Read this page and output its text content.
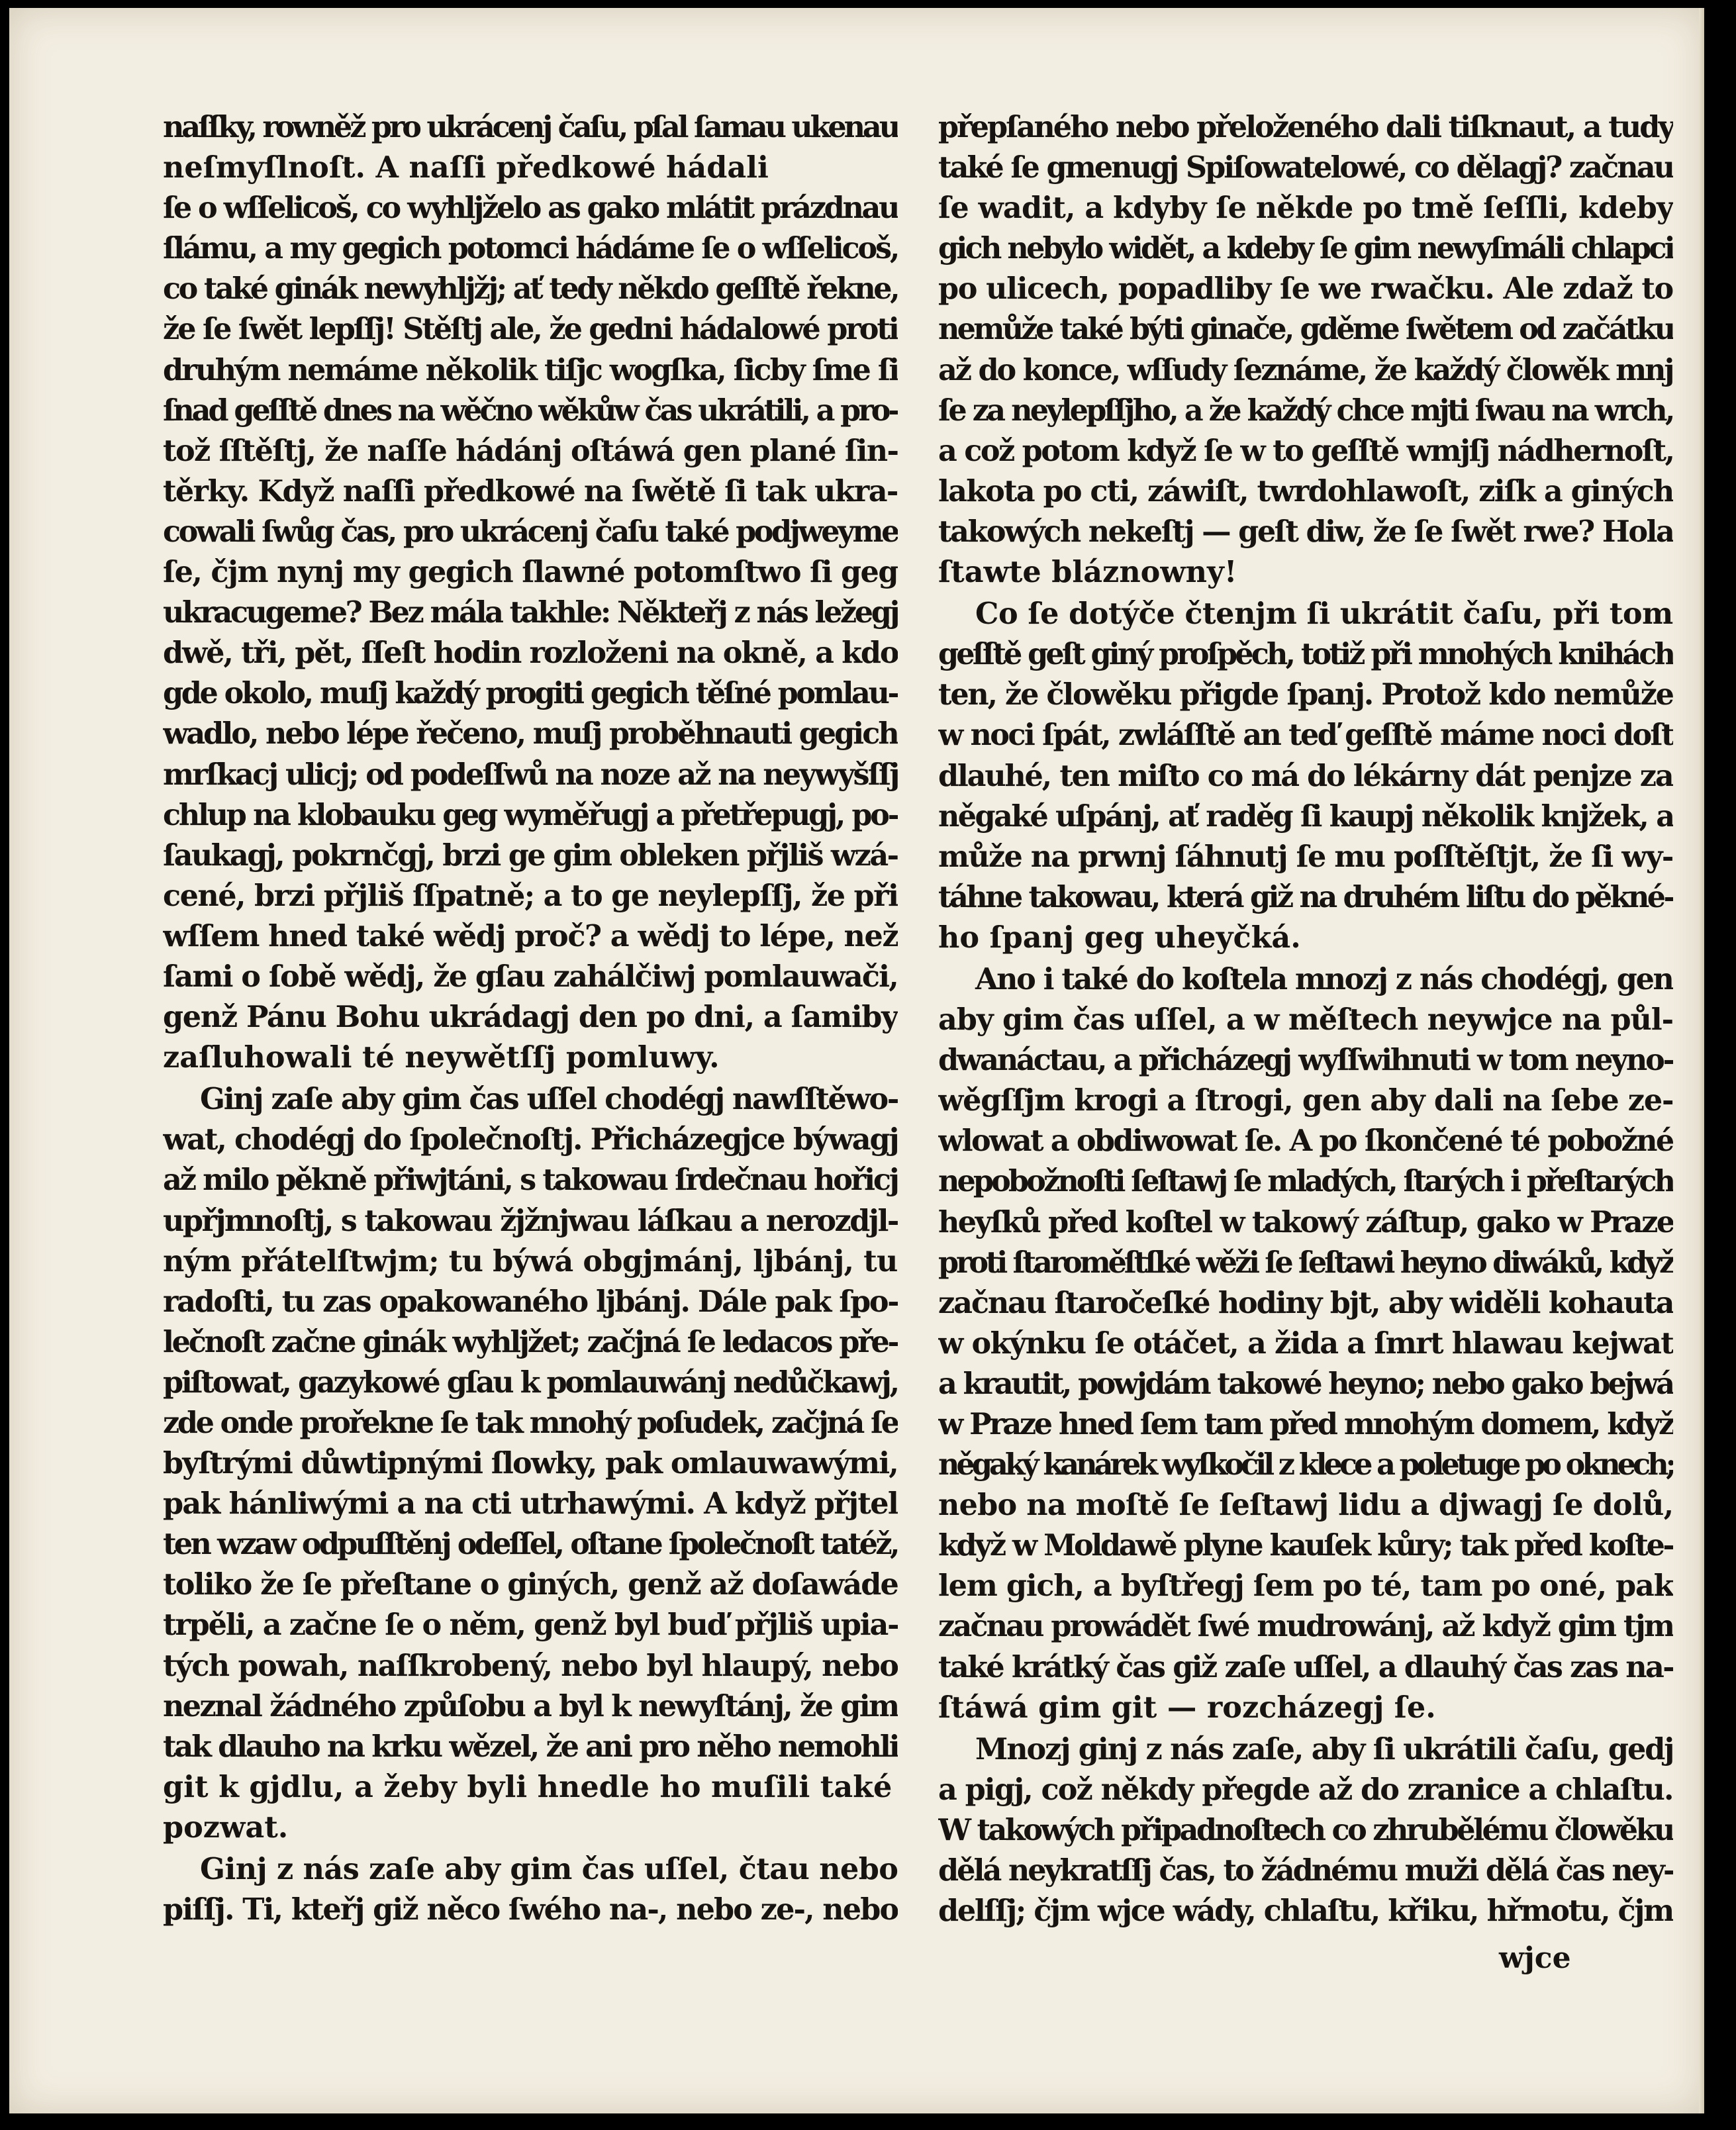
naſſky, rowněž pro ukrácenj čaſu, pſal ſamau ukenau
neſmyſlnoſt. A naſſi předkowé hádali
ſe o wſſelicoš, co wyhljželo as gako mlátit prázdnau
ſlámu, a my gegich potomci hádáme ſe o wſſelicoš,
co také ginák newyhljžj; ať tedy někdo geſſtě řekne,
že ſe ſwět lepſſj! Stěſtj ale, že gedni hádalowé proti
druhým nemáme několik tiſjc wogſka, ſicby ſme ſi
ſnad geſſtě dnes na wěčno wěkůw čas ukrátili, a pro-
tož ſſtěſtj, že naſſe hádánj oſtáwá gen plané ſin-
těrky. Když naſſi předkowé na ſwětě ſi tak ukra-
cowali ſwůg čas, pro ukrácenj čaſu také podjweyme
ſe, čjm nynj my gegich ſlawné potomſtwo ſi geg
ukracugeme? Bez mála takhle: Někteřj z nás ležegj
dwě, tři, pět, ſſeſt hodin rozloženi na okně, a kdo
gde okolo, muſj každý progiti gegich těſné pomlau-
wadlo, nebo lépe řečeno, muſj proběhnauti gegich
mrſkacj ulicj; od podeſſwů na noze až na neywyšſſj
chlup na klobauku geg wyměřugj a přetřepugj, po-
ſaukagj, pokrnčgj, brzi ge gim obleken přjliš wzá-
cené, brzi přjliš ſſpatně; a to ge neylepſſj, že při
wſſem hned také wědj proč? a wědj to lépe, než
ſami o ſobě wědj, že gſau zahálčiwj pomlauwači,
genž Pánu Bohu ukrádagj den po dni, a ſamiby
zaſluhowali té neywětſſj pomluwy.
Ginj zaſe aby gim čas uſſel chodégj nawſſtěwo-
wat, chodégj do ſpolečnoſtj. Přicházegjce býwagj
až milo pěkně přiwjtáni, s takowau ſrdečnau hořicj
upřjmnoſtj, s takowau žjžnjwau láſkau a nerozdjl-
ným přátelſtwjm; tu býwá obgjmánj, ljbánj, tu
radoſti, tu zas opakowaného ljbánj. Dále pak ſpo-
lečnoſt začne ginák wyhljžet; začjná ſe ledacos pře-
piſtowat, gazykowé gſau k pomlauwánj nedůčkawj,
zde onde prořekne ſe tak mnohý poſudek, začjná ſe
byſtrými důwtipnými ſlowky, pak omlauwawými,
pak hánliwými a na cti utrhawými. A když přjtel
ten wzaw odpuſſtěnj odeſſel, oſtane ſpolečnoſt tatéž,
toliko že ſe přeſtane o giných, genž až doſawáde
trpěli, a začne ſe o něm, genž byl buď přjliš upia-
tých powah, naſſkrobený, nebo byl hlaupý, nebo
neznal žádného způſobu a byl k newyſtánj, že gim
tak dlauho na krku wězel, že ani pro něho nemohli
git k gjdlu, a žeby byli hnedle ho muſili také
pozwat.
Ginj z nás zaſe aby gim čas uſſel, čtau nebo
piſſj. Ti, kteřj giž něco ſwého na-, nebo ze-, nebo
přepſaného nebo přeloženého dali tiſknaut, a tudy
také ſe gmenugj Spiſowatelowé, co dělagj? začnau
ſe wadit, a kdyby ſe někde po tmě ſeſſli, kdeby
gich nebylo widět, a kdeby ſe gim newyſmáli chlapci
po ulicech, popadliby ſe we rwačku. Ale zdaž to
nemůže také býti ginače, gděme ſwětem od začátku
až do konce, wſſudy ſeznáme, že každý člowěk mnj
ſe za neylepſſjho, a že každý chce mjti ſwau na wrch,
a což potom když ſe w to geſſtě wmjſj nádhernoſt,
lakota po cti, záwiſt, twrdohlawoſt, ziſk a giných
takowých nekeſtj — geſt diw, že ſe ſwět rwe? Hola
ſtawte bláznowny!
Co ſe dotýče čtenjm ſi ukrátit čaſu, při tom
geſſtě geſt giný proſpěch, totiž při mnohých knihách
ten, že člowěku přigde ſpanj. Protož kdo nemůže
w noci ſpát, zwláſſtě an teď geſſtě máme noci doſt
dlauhé, ten miſto co má do lékárny dát penjze za
něgaké uſpánj, ať raděg ſi kaupj několik knjžek, a
může na prwnj ſáhnutj ſe mu poſſtěſtjt, že ſi wy-
táhne takowau, která giž na druhém liſtu do pěkné-
ho ſpanj geg uheyčká.
Ano i také do koſtela mnozj z nás chodégj, gen
aby gim čas uſſel, a w měſtech neywjce na půl-
dwanáctau, a přicházegj wyſſwihnuti w tom neyno-
wěgſſjm krogi a ſtrogi, gen aby dali na ſebe ze-
wlowat a obdiwowat ſe. A po ſkončené té pobožné
nepobožnoſti ſeſtawj ſe mladých, ſtarých i přeſtarých
heyſků před koſtel w takowý záſtup, gako w Praze
proti ſtaroměſtſké wěži ſe ſeſtawi heyno diwáků, když
začnau ſtaročeſké hodiny bjt, aby widěli kohauta
w okýnku ſe otáčet, a žida a ſmrt hlawau kejwat
a krautit, powjdám takowé heyno; nebo gako bejwá
w Praze hned ſem tam před mnohým domem, když
něgaký kanárek wyſkočil z klece a poletuge po oknech;
nebo na moſtě ſe ſeſtawj lidu a djwagj ſe dolů,
když w Moldawě plyne kauſek kůry; tak před koſte-
lem gich, a byſtřegj ſem po té, tam po oné, pak
začnau prowádět ſwé mudrowánj, až když gim tjm
také krátký čas giž zaſe uſſel, a dlauhý čas zas na-
ſtáwá gim git — rozcházegj ſe.
Mnozj ginj z nás zaſe, aby ſi ukrátili čaſu, gedj
a pigj, což někdy přegde až do zranice a chlaſtu.
W takowých připadnoſtech co zhrubělému člowěku
dělá neykratſſj čas, to žádnému muži dělá čas ney-
delſſj; čjm wjce wády, chlaſtu, křiku, hřmotu, čjm
wjce
